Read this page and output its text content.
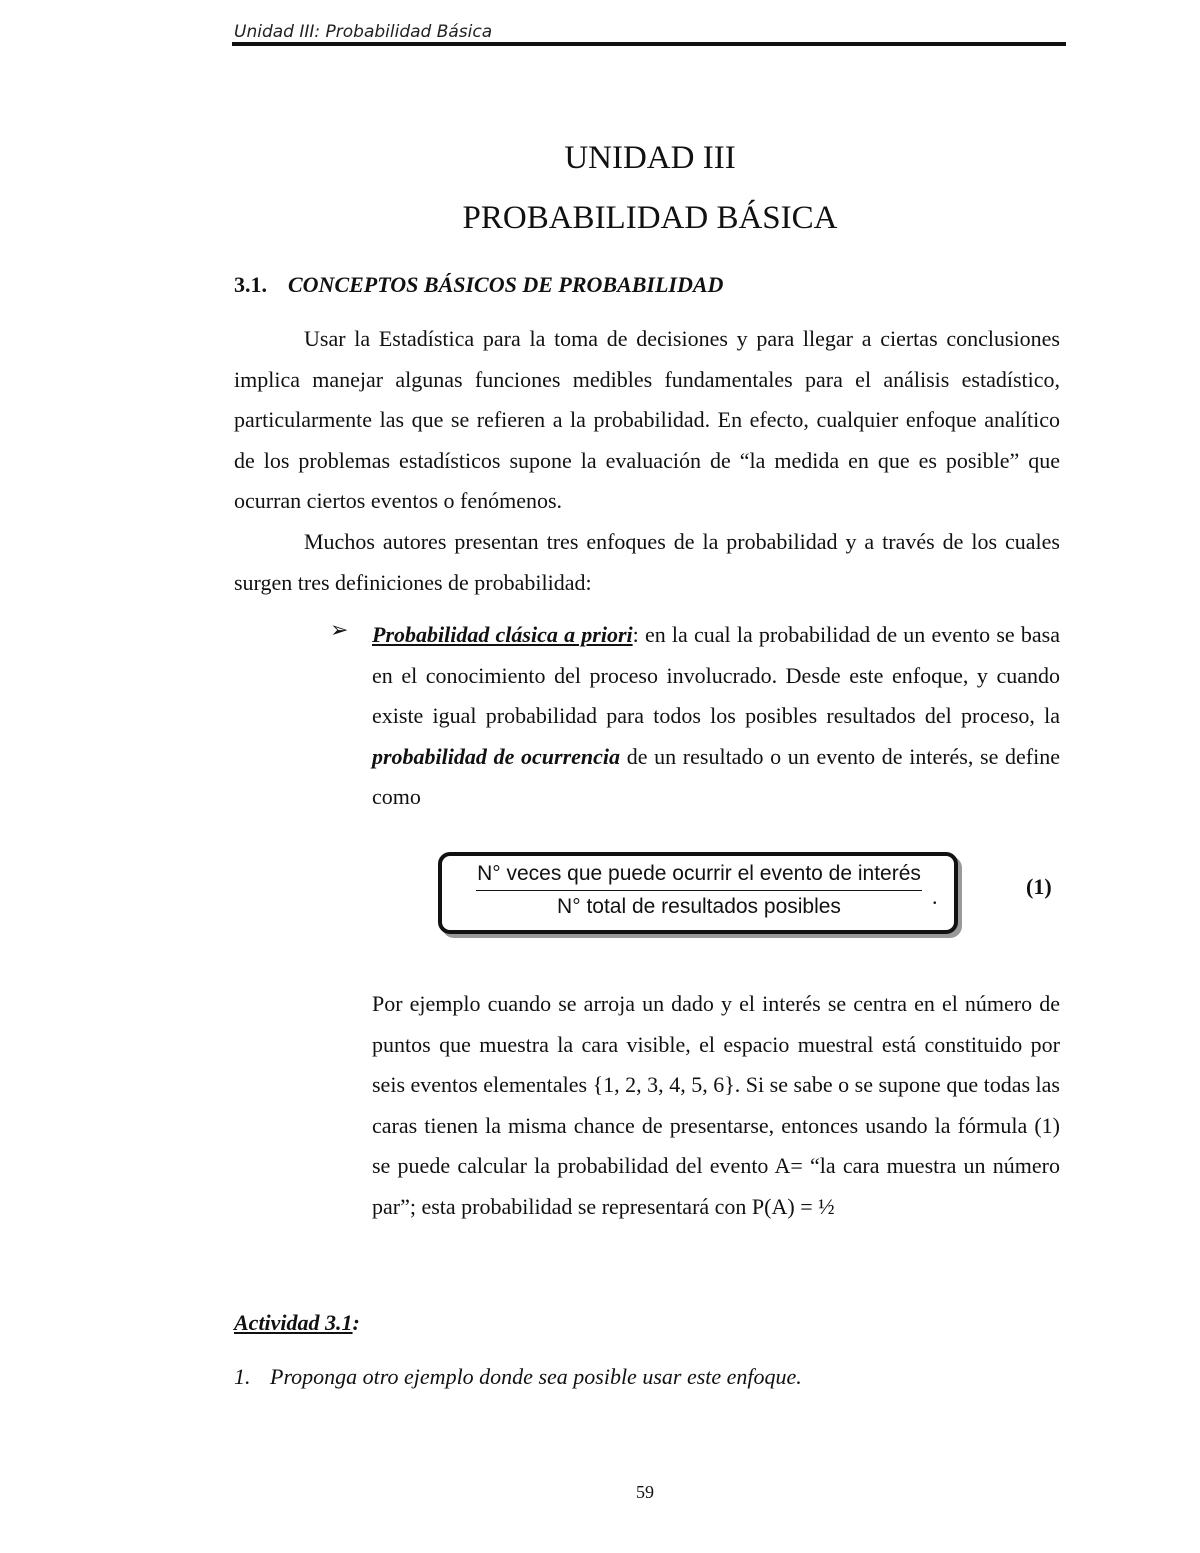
Unidad III: Probabilidad Básica
UNIDAD III
PROBABILIDAD BÁSICA
3.1. CONCEPTOS BÁSICOS DE PROBABILIDAD
Usar la Estadística para la toma de decisiones y para llegar a ciertas conclusiones implica manejar algunas funciones medibles fundamentales para el análisis estadístico, particularmente las que se refieren a la probabilidad. En efecto, cualquier enfoque analítico de los problemas estadísticos supone la evaluación de “la medida en que es posible” que ocurran ciertos eventos o fenómenos.
Muchos autores presentan tres enfoques de la probabilidad y a través de los cuales surgen tres definiciones de probabilidad:
➢ Probabilidad clásica a priori: en la cual la probabilidad de un evento se basa en el conocimiento del proceso involucrado. Desde este enfoque, y cuando existe igual probabilidad para todos los posibles resultados del proceso, la probabilidad de ocurrencia de un resultado o un evento de interés, se define como
N° veces que puede ocurrir el evento de interés
N° total de resultados posibles	.	(1)
Por ejemplo cuando se arroja un dado y el interés se centra en el número de puntos que muestra la cara visible, el espacio muestral está constituido por seis eventos elementales {1, 2, 3, 4, 5, 6}. Si se sabe o se supone que todas las caras tienen la misma chance de presentarse, entonces usando la fórmula (1) se puede calcular la probabilidad del evento A= “la cara muestra un número par”; esta probabilidad se representará con P(A) = ½
Actividad 3.1:
1. Proponga otro ejemplo donde sea posible usar este enfoque.
59
